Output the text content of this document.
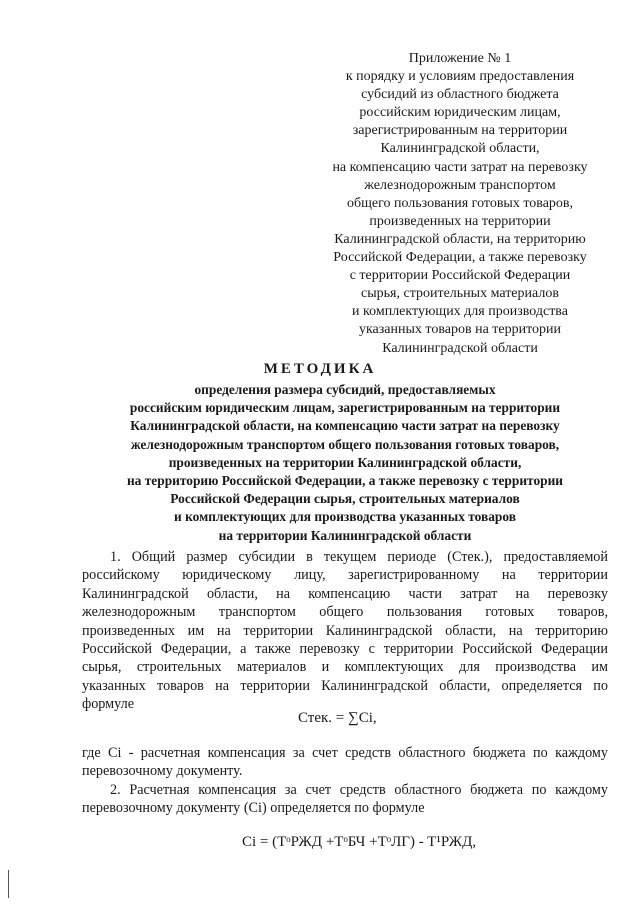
Приложение № 1
к порядку и условиям предоставления
субсидий из областного бюджета
российским юридическим лицам,
зарегистрированным на территории
Калининградской области,
на компенсацию части затрат на перевозку
железнодорожным транспортом
общего пользования готовых товаров,
произведенных на территории
Калининградской области, на территорию
Российской Федерации, а также перевозку
с территории Российской Федерации
сырья, строительных материалов
и комплектующих для производства
указанных товаров на территории
Калининградской области
МЕТОДИКА
определения размера субсидий, предоставляемых
российским юридическим лицам, зарегистрированным на территории
Калининградской области, на компенсацию части затрат на перевозку
железнодорожным транспортом общего пользования готовых товаров,
произведенных на территории Калининградской области,
на территорию Российской Федерации, а также перевозку с территории
Российской Федерации сырья, строительных материалов
и комплектующих для производства указанных товаров
на территории Калининградской области
1. Общий размер субсидии в текущем периоде (Стек.), предоставляемой
российскому юридическому лицу, зарегистрированному на территории
Калининградской области, на компенсацию части затрат на перевозку
железнодорожным транспортом общего пользования готовых товаров,
произведенных им на территории Калининградской области, на территорию
Российской Федерации, а также перевозку с территории Российской Федерации
сырья, строительных материалов и комплектующих для производства им
указанных товаров на территории Калининградской области, определяется по
формуле
Стек. = ∑Ci,
где Ci - расчетная компенсация за счет средств областного бюджета по каждому
перевозочному документу.
2. Расчетная компенсация за счет средств областного бюджета по каждому
перевозочному документу (Ci) определяется по формуле
Ci = (TᵒРЖД +TᵒБЧ +TᵒЛГ) - T¹РЖД,
